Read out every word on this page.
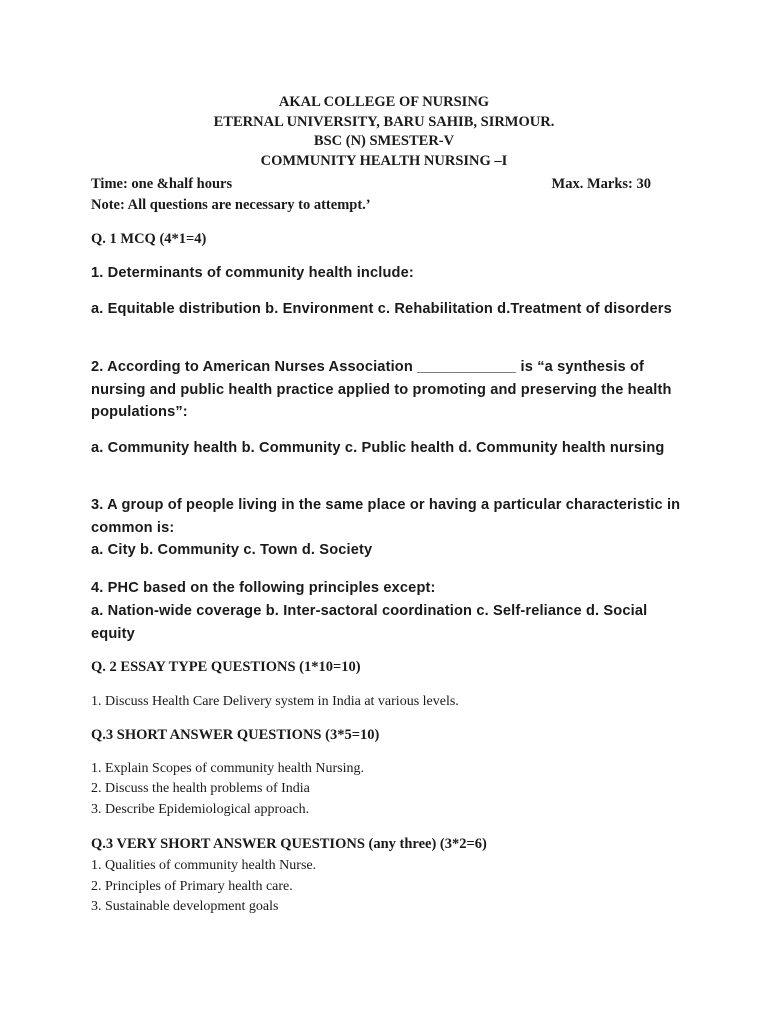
AKAL COLLEGE OF NURSING
ETERNAL UNIVERSITY, BARU SAHIB, SIRMOUR.
BSC (N) SMESTER-V
COMMUNITY HEALTH NURSING –I
Time: one &half hours	Max. Marks: 30
Note: All questions are necessary to attempt.’
Q. 1 MCQ (4*1=4)
1. Determinants of community health include:
a. Equitable distribution b. Environment c. Rehabilitation d.Treatment of disorders
2. According to American Nurses Association ____________ is “a synthesis of nursing and public health practice applied to promoting and preserving the health populations”:
a. Community health b. Community c. Public health d. Community health nursing
3. A group of people living in the same place or having a particular characteristic in common is:
a. City b. Community c. Town d. Society
4. PHC based on the following principles except:
a. Nation-wide coverage b. Inter-sactoral coordination c. Self-reliance d. Social equity
Q. 2 ESSAY TYPE QUESTIONS (1*10=10)
1. Discuss Health Care Delivery system in India at various levels.
Q.3 SHORT ANSWER QUESTIONS (3*5=10)
1. Explain Scopes of community health Nursing.
2. Discuss the health problems of India
3. Describe Epidemiological approach.
Q.3 VERY SHORT ANSWER QUESTIONS (any three) (3*2=6)
1. Qualities of community health Nurse.
2. Principles of Primary health care.
3. Sustainable development goals
